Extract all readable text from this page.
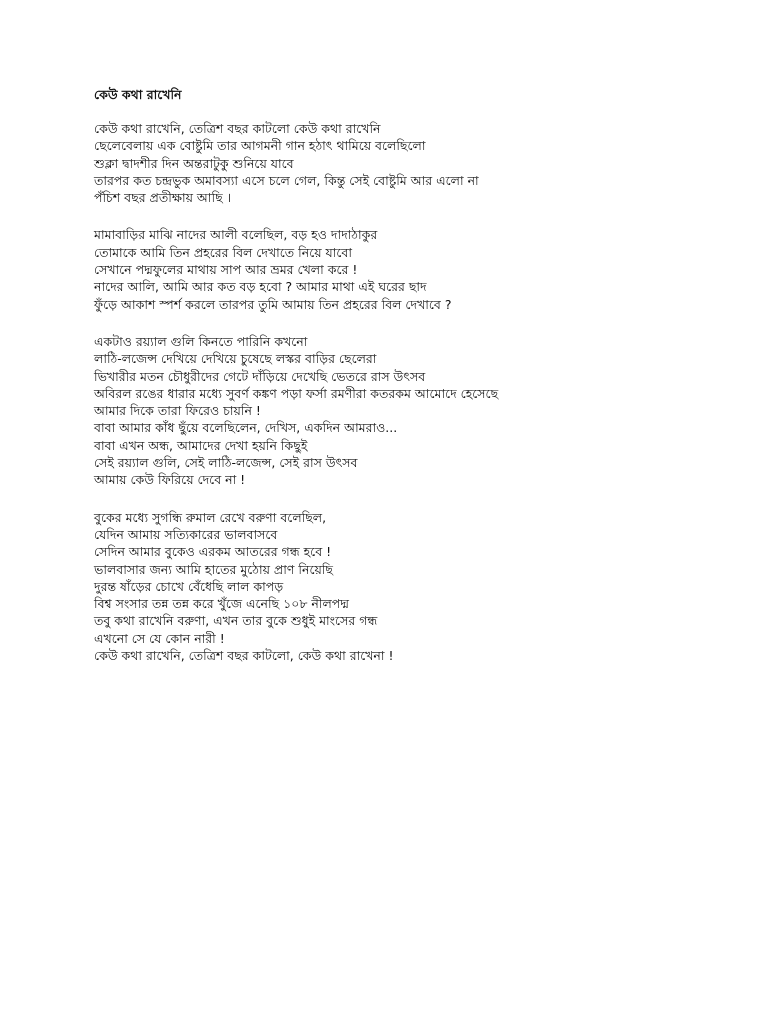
কেউ কথা রাখেনি
কেউ কথা রাখেনি, তেত্রিশ বছর কাটলো কেউ কথা রাখেনি
ছেলেবেলায় এক বোষ্টুমি তার আগমনী গান হঠাৎ থামিয়ে বলেছিলো
শুক্লা দ্বাদশীর দিন অন্তরাটুকু শুনিয়ে যাবে
তারপর কত চন্দ্রভুক অমাবস্যা এসে চলে গেল, কিন্তু সেই বোষ্টুমি আর এলো না
পঁচিশ বছর প্রতীক্ষায় আছি ।
মামাবাড়ির মাঝি নাদের আলী বলেছিল, বড় হও দাদাঠাকুর
তোমাকে আমি তিন প্রহরের বিল দেখাতে নিয়ে যাবো
সেখানে পদ্মফুলের মাথায় সাপ আর ভ্রমর খেলা করে !
নাদের আলি, আমি আর কত বড় হবো ? আমার মাথা এই ঘরের ছাদ
ফুঁড়ে আকাশ স্পর্শ করলে তারপর তুমি আমায় তিন প্রহরের বিল দেখাবে ?
একটাও রয়্যাল গুলি কিনতে পারিনি কখনো
লাঠি-লজেন্স দেখিয়ে দেখিয়ে চুষেছে লস্কর বাড়ির ছেলেরা
ভিখারীর মতন চৌধুরীদের গেটে দাঁড়িয়ে দেখেছি ভেতরে রাস উৎসব
অবিরল রঙের ধারার মধ্যে সুবর্ণ কঙ্কণ পড়া ফর্সা রমণীরা কতরকম আমোদে হেসেছে
আমার দিকে তারা ফিরেও চায়নি !
বাবা আমার কাঁধ ছুঁয়ে বলেছিলেন, দেখিস, একদিন আমরাও...
বাবা এখন অন্ধ, আমাদের দেখা হয়নি কিছুই
সেই রয়্যাল গুলি, সেই লাঠি-লজেন্স, সেই রাস উৎসব
আমায় কেউ ফিরিয়ে দেবে না !
বুকের মধ্যে সুগন্ধি রুমাল রেখে বরুণা বলেছিল,
যেদিন আমায় সত্যিকারের ভালবাসবে
সেদিন আমার বুকেও এরকম আতরের গন্ধ হবে !
ভালবাসার জন্য আমি হাতের মুঠোয় প্রাণ নিয়েছি
দুরন্ত ষাঁড়ের চোখে বেঁধেছি লাল কাপড়
বিশ্ব সংসার তন্ন তন্ন করে খুঁজে এনেছি ১০৮ নীলপদ্ম
তবু কথা রাখেনি বরুণা, এখন তার বুকে শুধুই মাংসের গন্ধ
এখনো সে যে কোন নারী !
কেউ কথা রাখেনি, তেত্রিশ বছর কাটলো, কেউ কথা রাখেনা !
